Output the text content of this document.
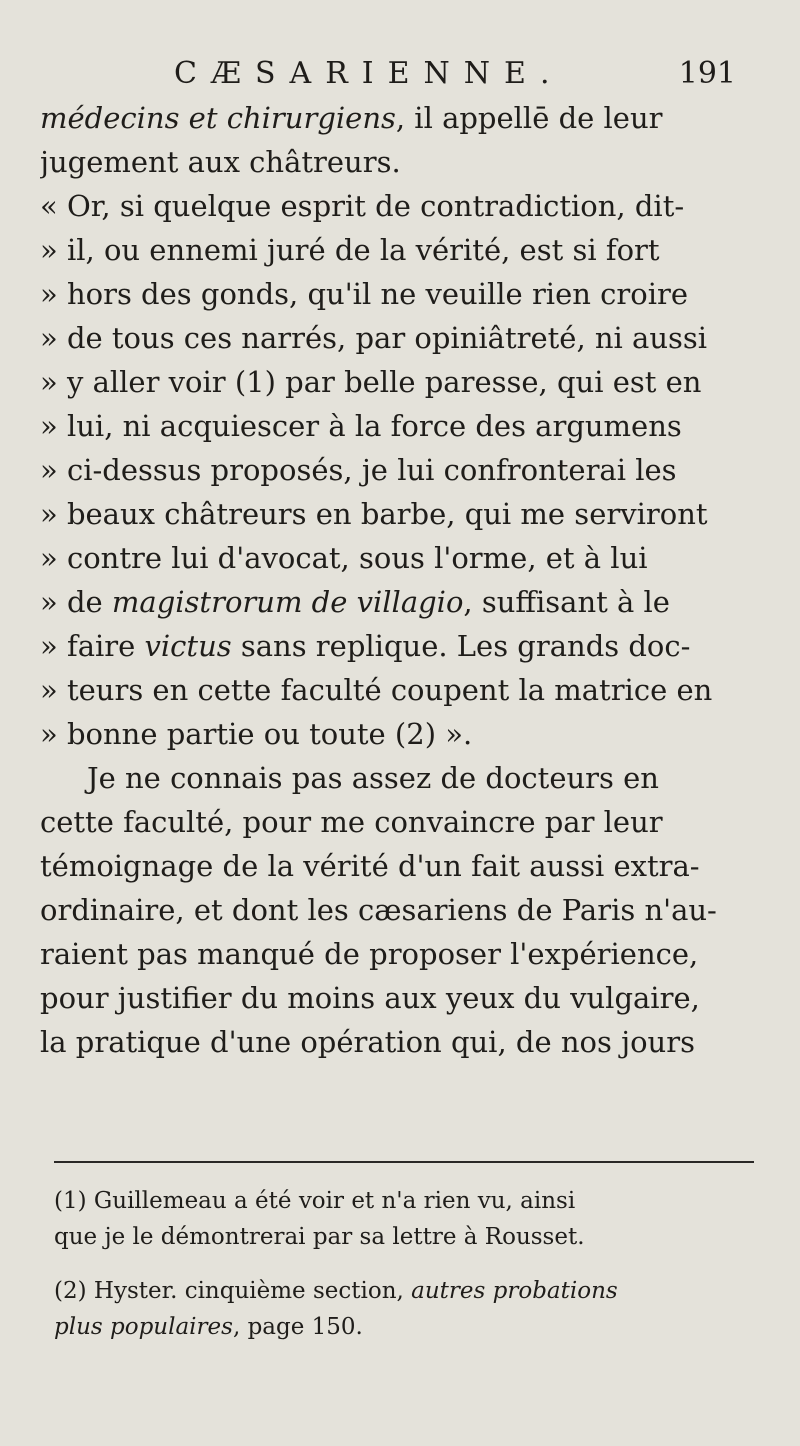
CÆSARIENNE.	191
médecins et chirurgiens, il appellē de leur
jugement aux châtreurs.
« Or, si quelque esprit de contradiction, dit-
» il, ou ennemi juré de la vérité, est si fort
» hors des gonds, qu'il ne veuille rien croire
» de tous ces narrés, par opiniâtreté, ni aussi
» y aller voir (1) par belle paresse, qui est en
» lui, ni acquiescer à la force des argumens
» ci-dessus proposés, je lui confronterai les
» beaux châtreurs en barbe, qui me serviront
» contre lui d'avocat, sous l'orme, et à lui
» de magistrorum de villagio, suffisant à le
» faire victus sans replique. Les grands doc-
» teurs en cette faculté coupent la matrice en
» bonne partie ou toute (2) ».
Je ne connais pas assez de docteurs en
cette faculté, pour me convaincre par leur
témoignage de la vérité d'un fait aussi extra-
ordinaire, et dont les cæsariens de Paris n'au-
raient pas manqué de proposer l'expérience,
pour justifier du moins aux yeux du vulgaire,
la pratique d'une opération qui, de nos jours
(1) Guillemeau a été voir et n'a rien vu, ainsi
que je le démontrerai par sa lettre à Rousset.
(2) Hyster. cinquième section, autres probations
plus populaires, page 150.
